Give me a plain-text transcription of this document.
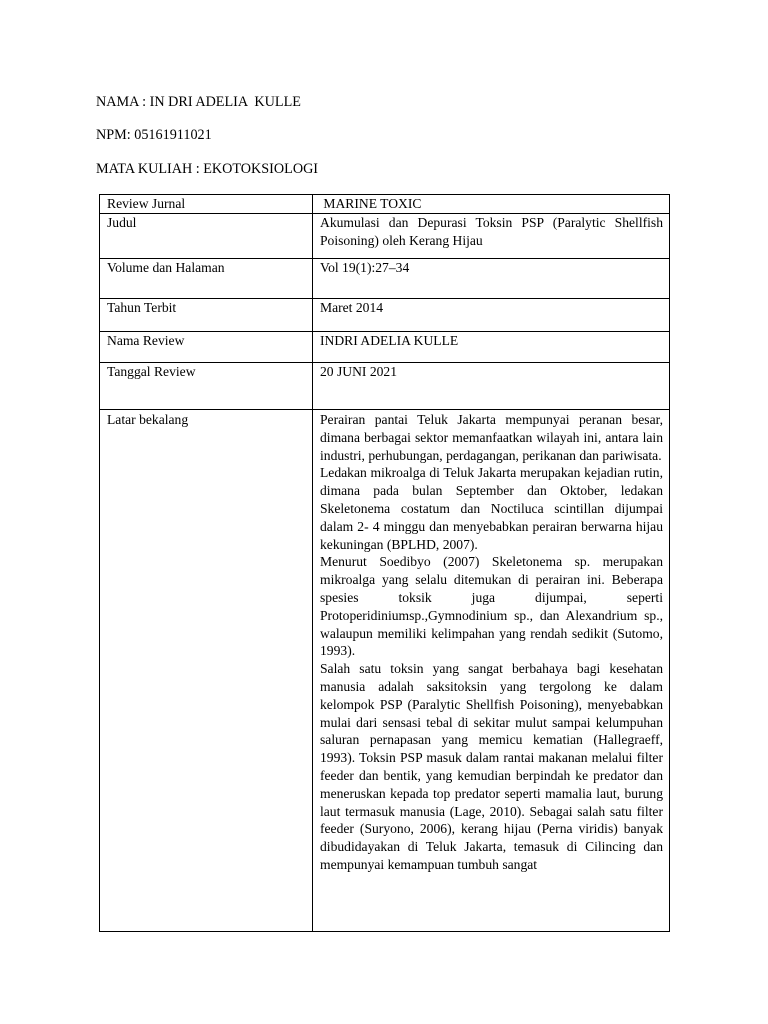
NAMA : IN DRI ADELIA  KULLE
NPM: 05161911021
MATA KULIAH : EKOTOKSIOLOGI
Review Jurnal	MARINE TOXIC
Judul	Akumulasi dan Depurasi Toksin PSP (Paralytic Shellfish Poisoning) oleh Kerang Hijau
Volume dan Halaman	Vol 19(1):27–34
Tahun Terbit	Maret 2014
Nama Review	INDRI ADELIA KULLE
Tanggal Review	20 JUNI 2021
Latar bekalang	Perairan pantai Teluk Jakarta mempunyai peranan besar, dimana berbagai sektor memanfaatkan wilayah ini, antara lain industri, perhubungan, perdagangan, perikanan dan pariwisata.

Ledakan mikroalga di Teluk Jakarta merupakan kejadian rutin, dimana pada bulan September dan Oktober, ledakan Skeletonema costatum dan Noctiluca scintillan dijumpai dalam 2- 4 minggu dan menyebabkan perairan berwarna hijau kekuningan (BPLHD, 2007).

Menurut Soedibyo (2007) Skeletonema sp. merupakan mikroalga yang selalu ditemukan di perairan ini. Beberapa spesies toksik juga dijumpai, seperti Protoperidiniumsp.,Gymnodinium sp., dan Alexandrium sp., walaupun memiliki kelimpahan yang rendah sedikit (Sutomo, 1993).

Salah satu toksin yang sangat berbahaya bagi kesehatan manusia adalah saksitoksin yang tergolong ke dalam kelompok PSP (Paralytic Shellfish Poisoning), menyebabkan mulai dari sensasi tebal di sekitar mulut sampai kelumpuhan saluran pernapasan yang memicu kematian (Hallegraeff, 1993). Toksin PSP masuk dalam rantai makanan melalui filter feeder dan bentik, yang kemudian berpindah ke predator dan meneruskan kepada top predator seperti mamalia laut, burung laut termasuk manusia (Lage, 2010). Sebagai salah satu filter feeder (Suryono, 2006), kerang hijau (Perna viridis) banyak dibudidayakan di Teluk Jakarta, temasuk di Cilincing dan mempunyai kemampuan tumbuh sangat
